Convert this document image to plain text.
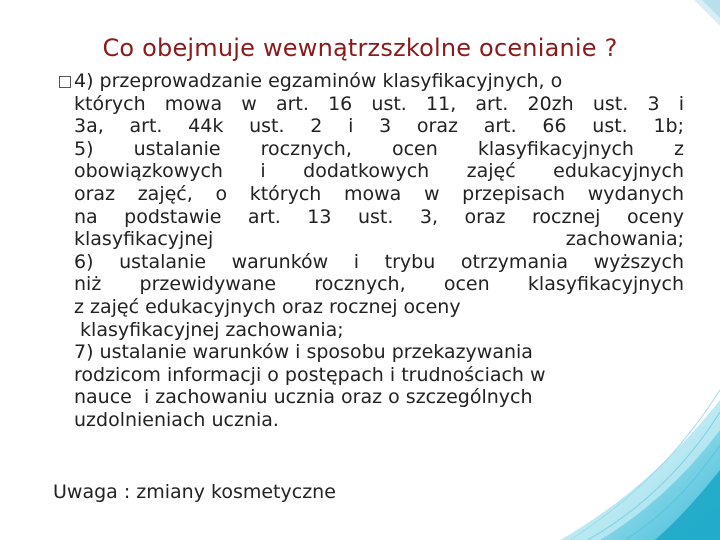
Co obejmuje wewnątrzszkolne ocenianie ?
4) przeprowadzanie egzaminów klasyfikacyjnych, o
których mowa w art. 16 ust. 11, art. 20zh ust. 3 i
3a, art. 44k ust. 2 i 3 oraz art. 66 ust. 1b;
5) ustalanie rocznych, ocen klasyfikacyjnych z
obowiązkowych i dodatkowych zajęć edukacyjnych
oraz zajęć, o których mowa w przepisach wydanych
na podstawie art. 13 ust. 3, oraz rocznej oceny
klasyfikacyjnej zachowania;
6) ustalanie warunków i trybu otrzymania wyższych
niż przewidywane rocznych, ocen klasyfikacyjnych
z zajęć edukacyjnych oraz rocznej oceny
klasyfikacyjnej zachowania;
7) ustalanie warunków i sposobu przekazywania
rodzicom informacji o postępach i trudnościach w
nauce  i zachowaniu ucznia oraz o szczególnych
uzdolnieniach ucznia.
Uwaga : zmiany kosmetyczne
